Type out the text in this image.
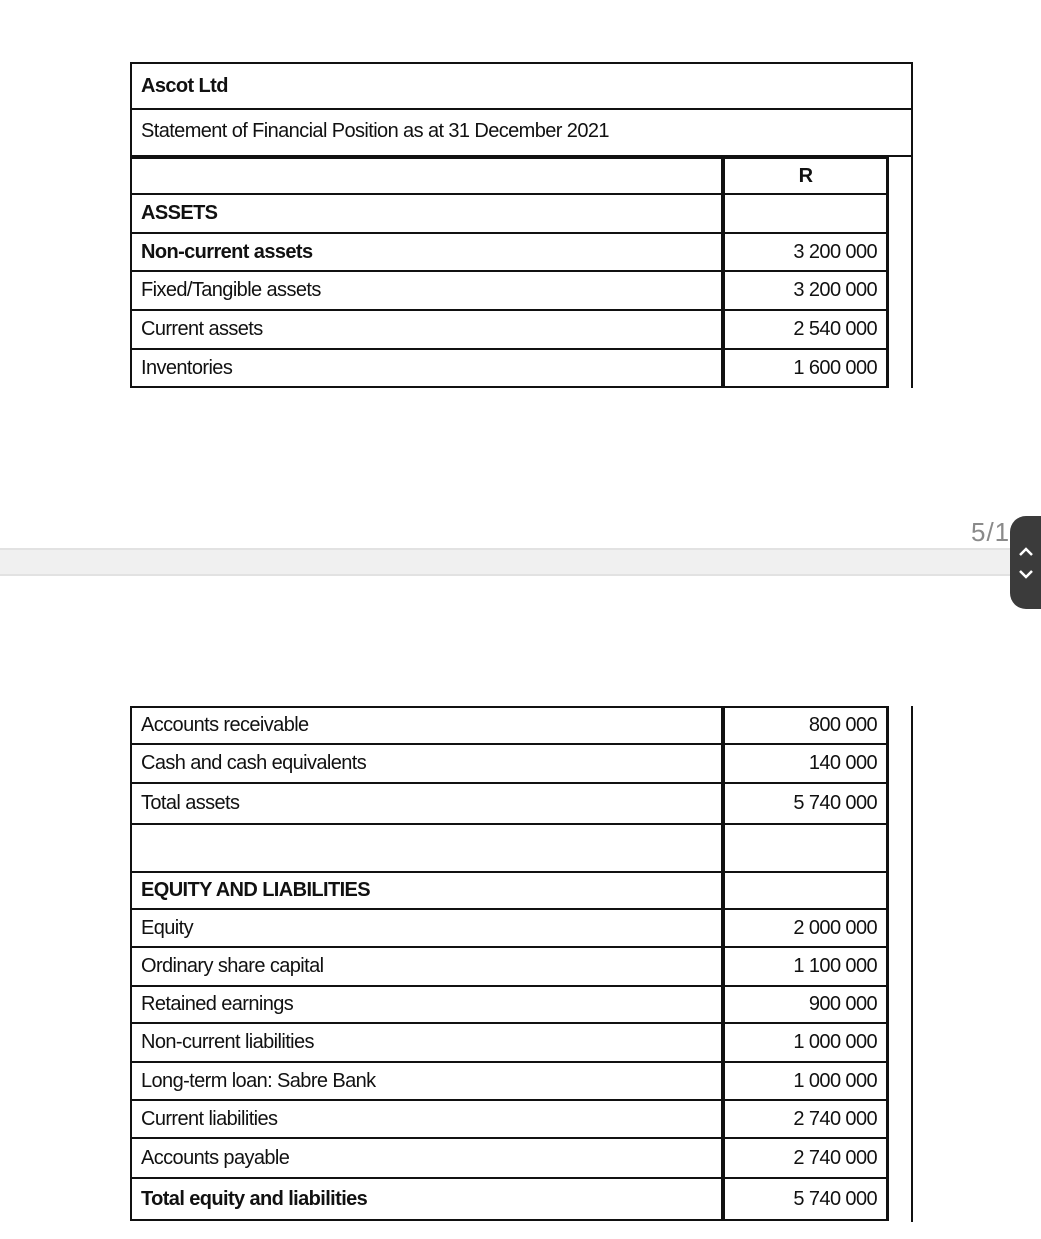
Ascot Ltd
Statement of Financial Position as at 31 December 2021
R
ASSETS
Non-current assets	3 200 000
Fixed/Tangible assets	3 200 000
Current assets	2 540 000
Inventories	1 600 000
5/1
Accounts receivable	800 000
Cash and cash equivalents	140 000
Total assets	5 740 000
EQUITY AND LIABILITIES
Equity	2 000 000
Ordinary share capital	1 100 000
Retained earnings	900 000
Non-current liabilities	1 000 000
Long-term loan: Sabre Bank	1 000 000
Current liabilities	2 740 000
Accounts payable	2 740 000
Total equity and liabilities	5 740 000
